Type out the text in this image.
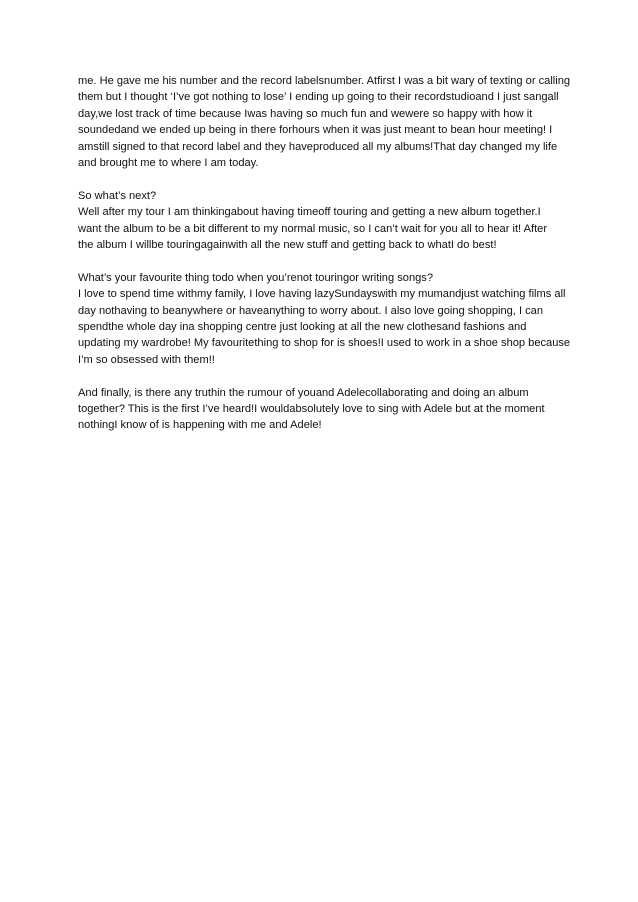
me. He gave me his number and the record labelsnumber. Atfirst I was a bit wary of texting or calling
them but I thought ‘I’ve got nothing to lose’ I ending up going to their recordstudioand I just sangall
day,we lost track of time because Iwas having so much fun and wewere so happy with how it
soundedand we ended up being in there forhours when it was just meant to bean hour meeting! I
amstill signed to that record label and they haveproduced all my albums!That day changed my life
and brought me to where I am today.

So what’s next?
Well after my tour I am thinkingabout having timeoff touring and getting a new album together.I
want the album to be a bit different to my normal music, so I can’t wait for you all to hear it! After
the album I willbe touringagainwith all the new stuff and getting back to whatI do best!

What’s your favourite thing todo when you’renot touringor writing songs?
I love to spend time withmy family, I love having lazySundayswith my mumandjust watching films all
day nothaving to beanywhere or haveanything to worry about. I also love going shopping, I can
spendthe whole day ina shopping centre just looking at all the new clothesand fashions and
updating my wardrobe! My favouritething to shop for is shoes!I used to work in a shoe shop because
I’m so obsessed with them!!

And finally, is there any truthin the rumour of youand Adelecollaborating and doing an album
together? This is the first I’ve heard!I wouldabsolutely love to sing with Adele but at the moment
nothingI know of is happening with me and Adele!
